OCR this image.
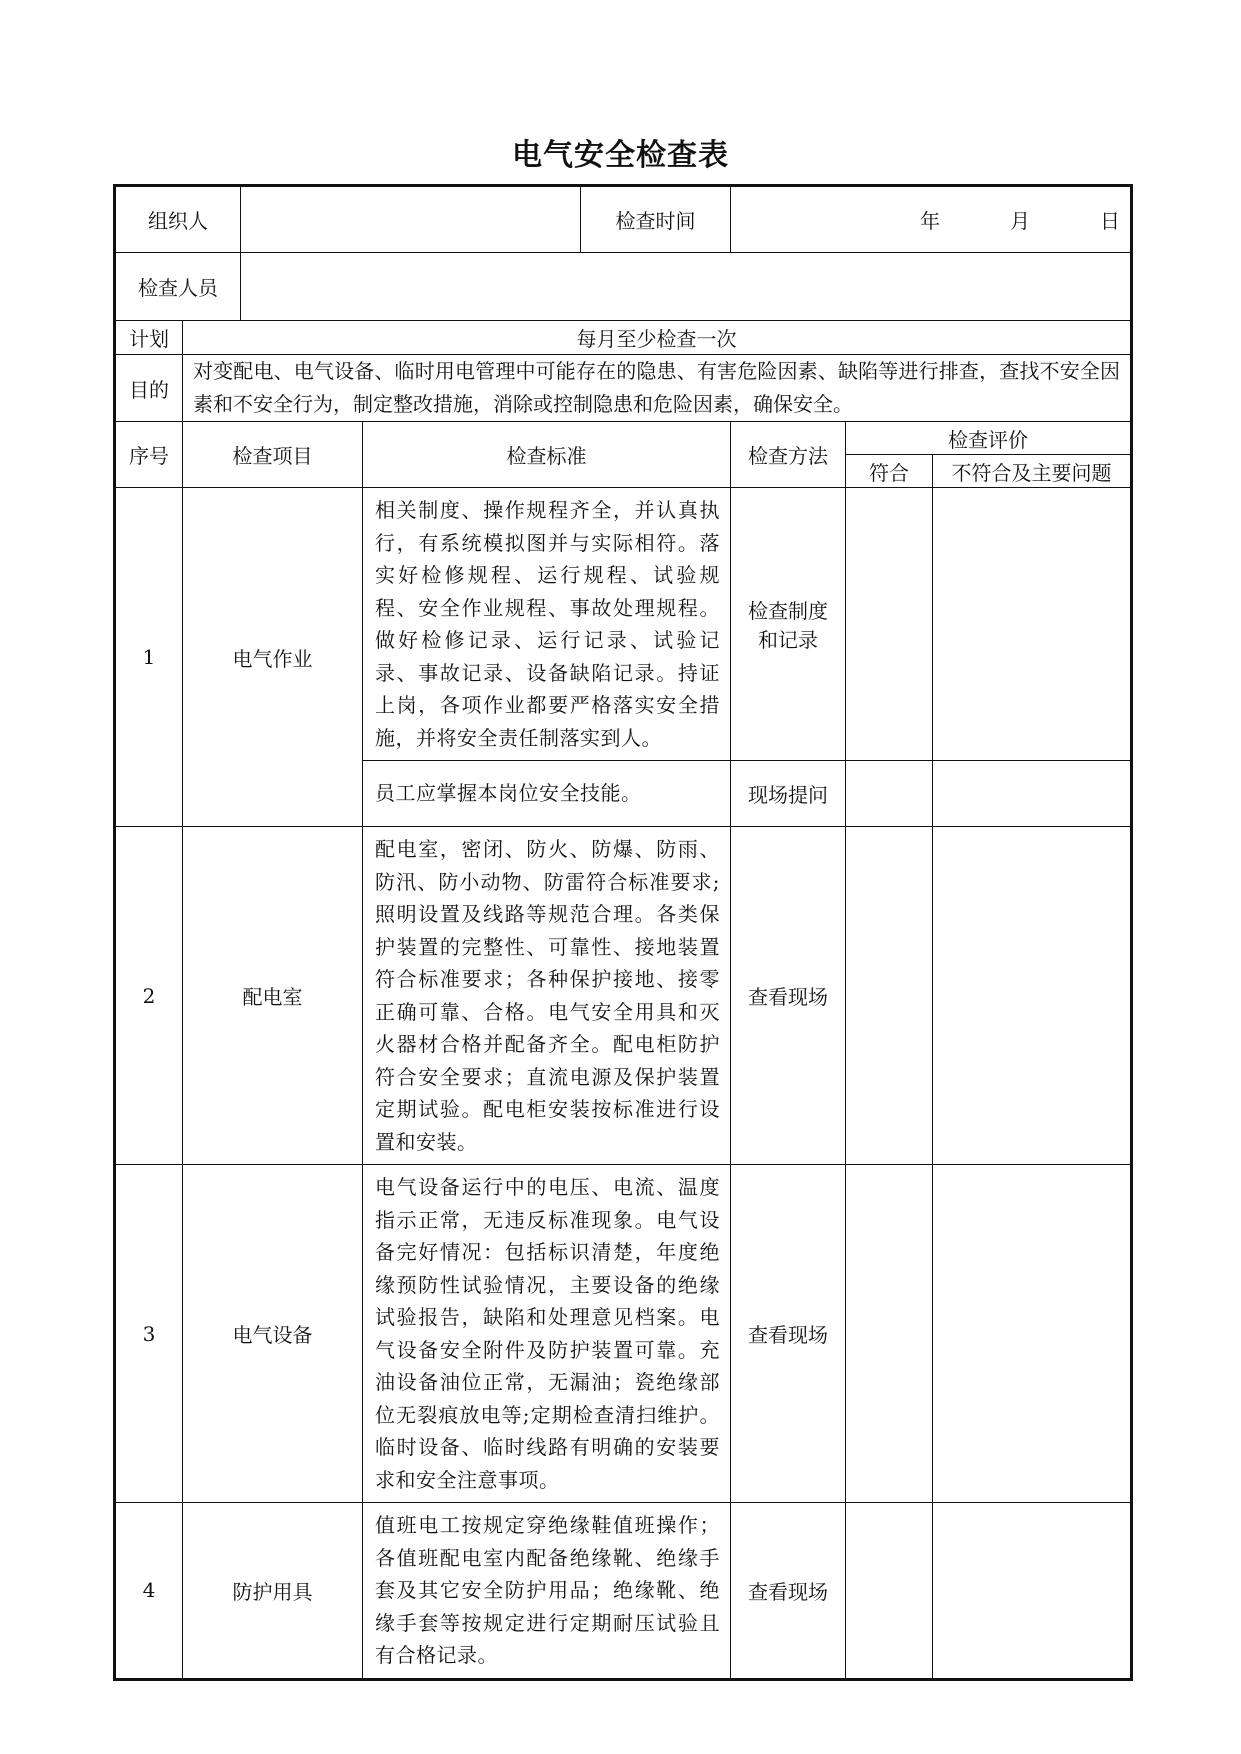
电气安全检查表
组织人				检查时间	年 月 日		
检查人员							
计划	每月至少检查一次						
目的	对变配电、电气设备、临时用电管理中可能存在的隐患、有害危险因素、缺陷等进行排查，查找不安全因素和不安全行为，制定整改措施，消除或控制隐患和危险因素，确保安全。						
序号	检查项目		检查标准		检查方法	检查评价	
						符合	不符合及主要问题
1	电气作业		相关制度、操作规程齐全，并认真执行，有系统模拟图并与实际相符。落实好检修规程、运行规程、试验规程、安全作业规程、事故处理规程。做好检修记录、运行记录、试验记录、事故记录、设备缺陷记录。持证上岗，各项作业都要严格落实安全措施，并将安全责任制落实到人。		检查制度和记录		
			员工应掌握本岗位安全技能。		现场提问		
2	配电室		配电室，密闭、防火、防爆、防雨、防汛、防小动物、防雷符合标准要求;照明设置及线路等规范合理。各类保护装置的完整性、可靠性、接地装置符合标准要求；各种保护接地、接零正确可靠、合格。电气安全用具和灭火器材合格并配备齐全。配电柜防护符合安全要求；直流电源及保护装置定期试验。配电柜安装按标准进行设置和安装。		查看现场		
3	电气设备		电气设备运行中的电压、电流、温度指示正常，无违反标准现象。电气设备完好情况：包括标识清楚，年度绝缘预防性试验情况，主要设备的绝缘试验报告，缺陷和处理意见档案。电气设备安全附件及防护装置可靠。充油设备油位正常，无漏油；瓷绝缘部位无裂痕放电等;定期检查清扫维护。临时设备、临时线路有明确的安装要求和安全注意事项。		查看现场		
4	防护用具		值班电工按规定穿绝缘鞋值班操作；各值班配电室内配备绝缘靴、绝缘手套及其它安全防护用品；绝缘靴、绝缘手套等按规定进行定期耐压试验且有合格记录。		查看现场		
